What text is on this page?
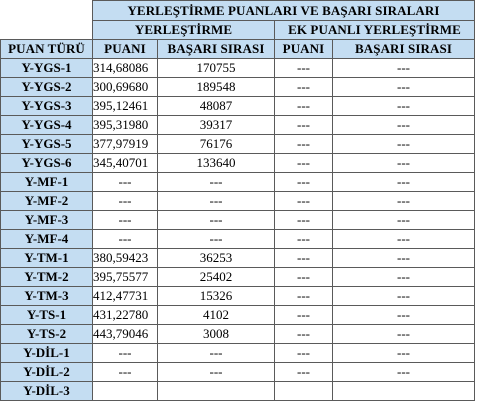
	YERLEŞTİRME PUANLARI VE BAŞARI SIRALARI			
	YERLEŞTİRME		EK PUANLI YERLEŞTİRME	
PUAN TÜRÜ	PUANI	BAŞARI SIRASI	PUANI	BAŞARI SIRASI
Y-YGS-1	314,68086	170755	---	---
Y-YGS-2	300,69680	189548	---	---
Y-YGS-3	395,12461	48087	---	---
Y-YGS-4	395,31980	39317	---	---
Y-YGS-5	377,97919	76176	---	---
Y-YGS-6	345,40701	133640	---	---
Y-MF-1	---	---	---	---
Y-MF-2	---	---	---	---
Y-MF-3	---	---	---	---
Y-MF-4	---	---	---	---
Y-TM-1	380,59423	36253	---	---
Y-TM-2	395,75577	25402	---	---
Y-TM-3	412,47731	15326	---	---
Y-TS-1	431,22780	4102	---	---
Y-TS-2	443,79046	3008	---	---
Y-DİL-1	---	---	---	---
Y-DİL-2	---	---	---	---
Y-DİL-3				
